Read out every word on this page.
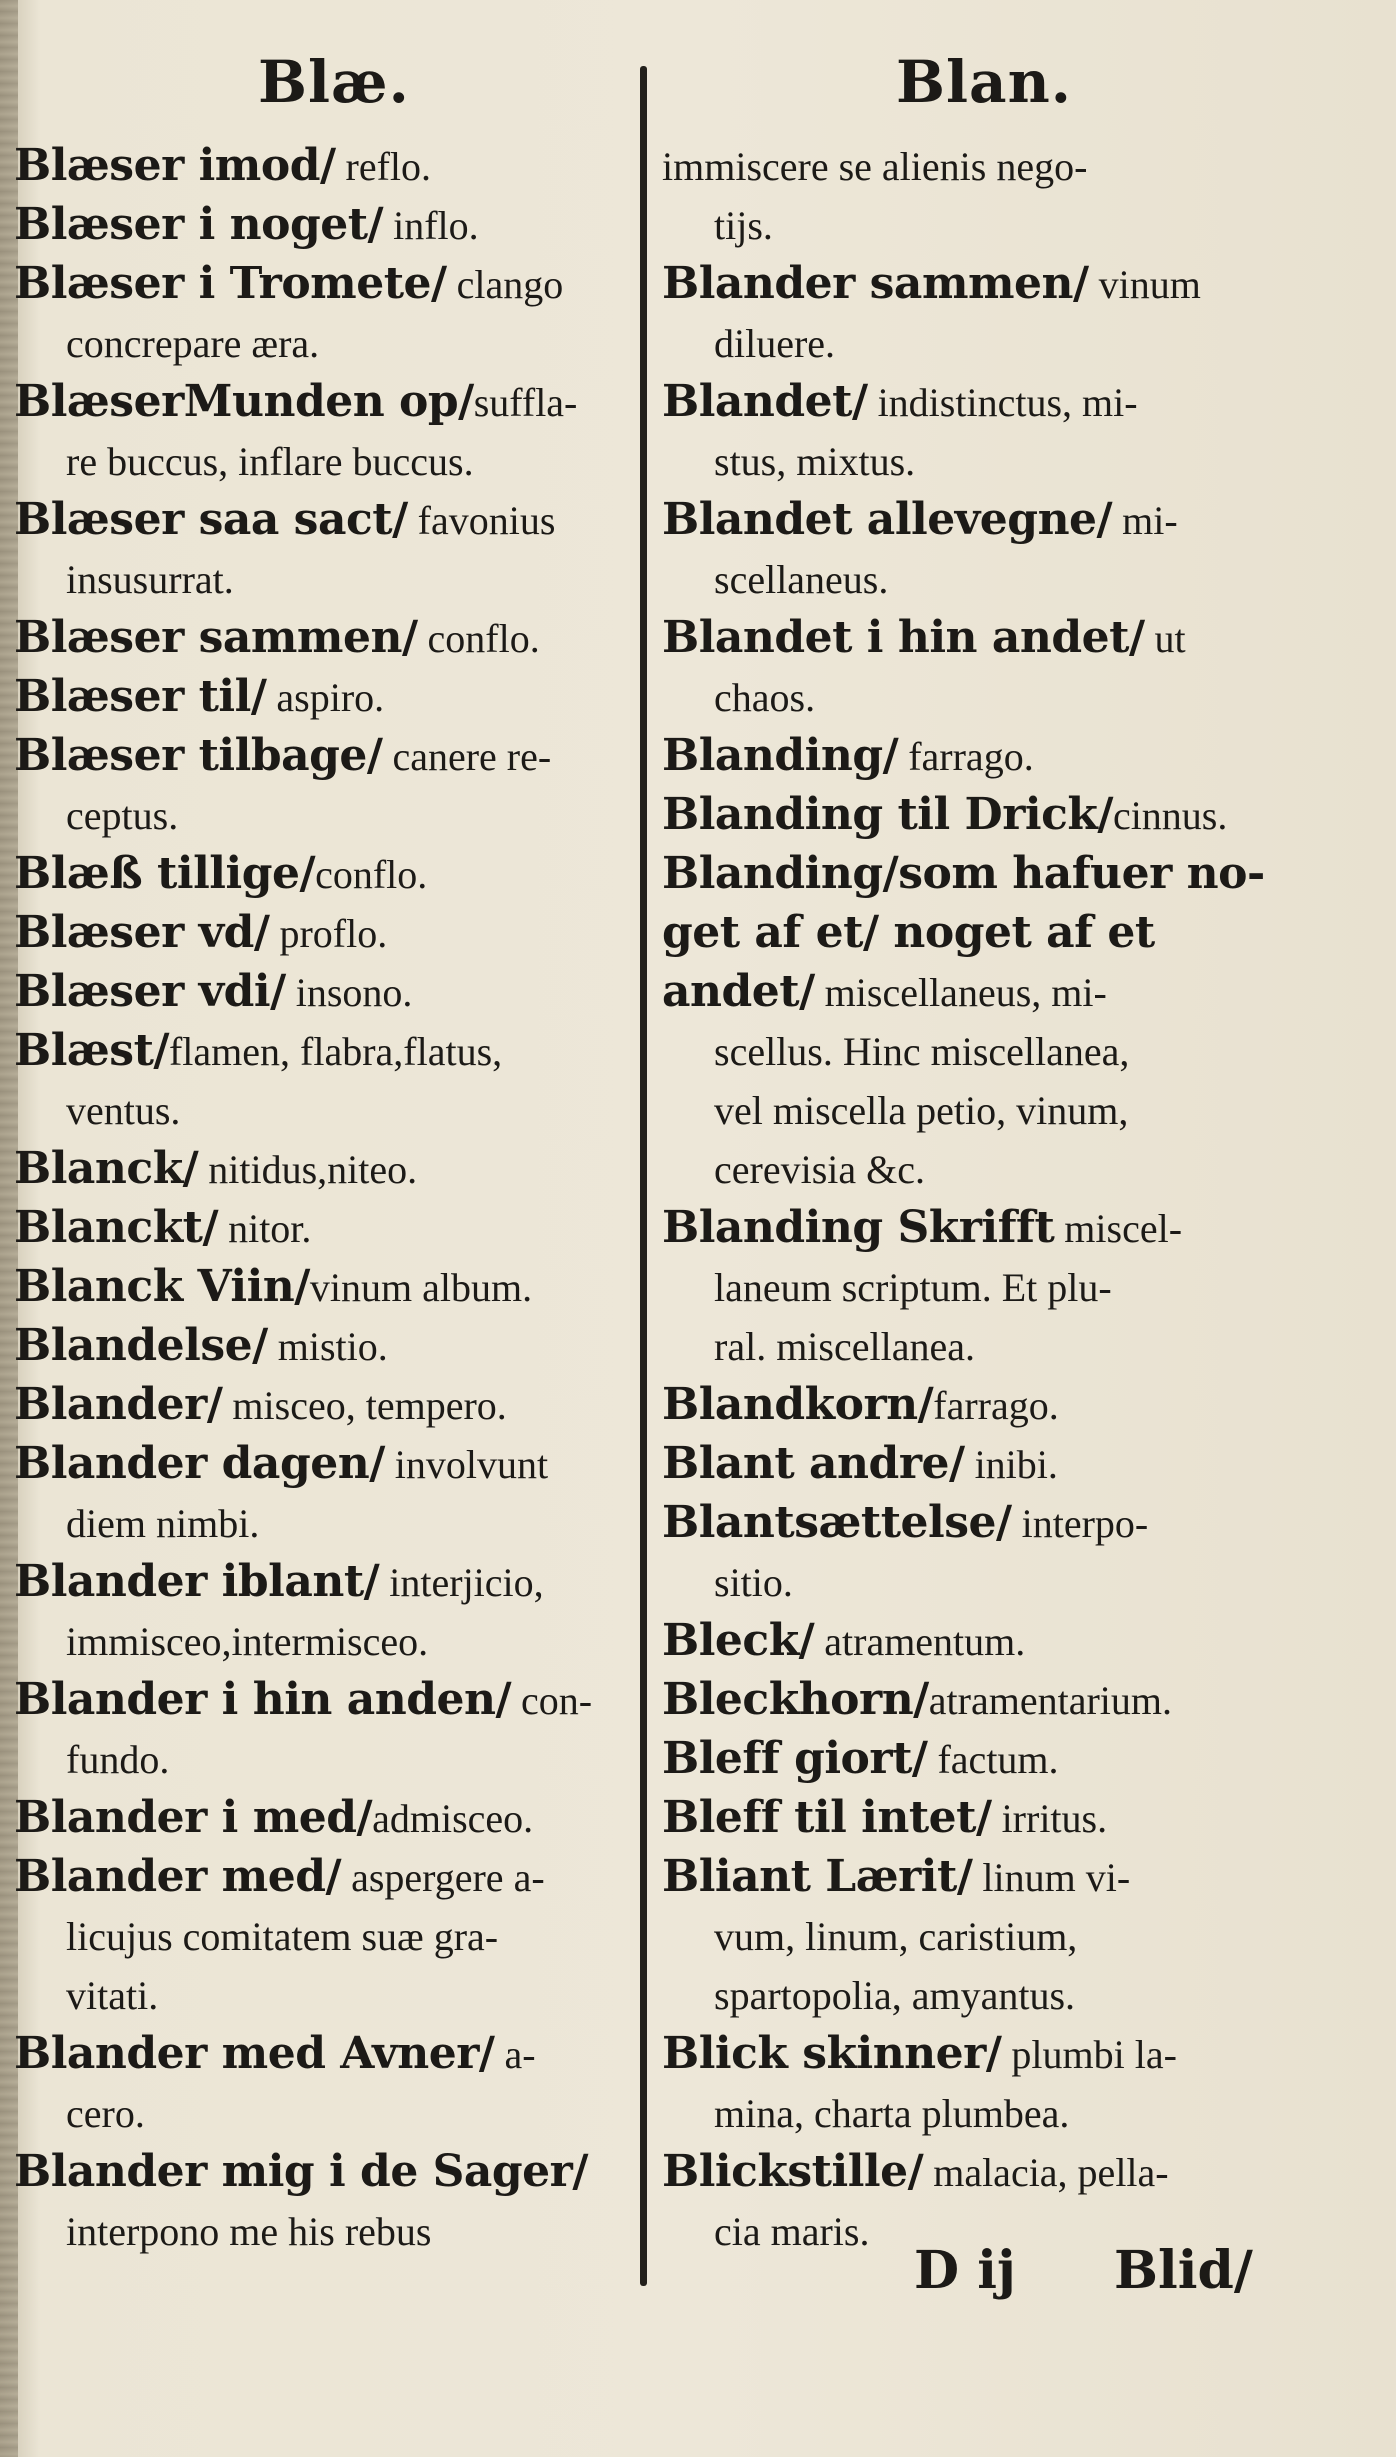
Blæ.	Blan.
Blæser imod/ reflo.
Blæser i noget/ inflo.
Blæser i Tromete/ clango
concrepare æra.
BlæserMunden op/suffla-
re buccus, inflare buccus.
Blæser saa sact/ favonius
insusurrat.
Blæser sammen/ conflo.
Blæser til/ aspiro.
Blæser tilbage/ canere re-
ceptus.
Blæß tillige/conflo.
Blæser vd/ proflo.
Blæser vdi/ insono.
Blæst/flamen, flabra,flatus,
ventus.
Blanck/ nitidus,niteo.
Blanckt/ nitor.
Blanck Viin/vinum album.
Blandelse/ mistio.
Blander/ misceo, tempero.
Blander dagen/ involvunt
diem nimbi.
Blander iblant/ interjicio,
immisceo,intermisceo.
Blander i hin anden/ con-
fundo.
Blander i med/admisceo.
Blander med/ aspergere a-
licujus comitatem suæ gra-
vitati.
Blander med Avner/ a-
cero.
Blander mig i de Sager/
interpono me his rebus
immiscere se alienis nego-
tijs.
Blander sammen/ vinum
diluere.
Blandet/ indistinctus, mi-
stus, mixtus.
Blandet allevegne/ mi-
scellaneus.
Blandet i hin andet/ ut
chaos.
Blanding/ farrago.
Blanding til Drick/cinnus.
Blanding/som hafuer no-
get af et/ noget af et
andet/ miscellaneus, mi-
scellus. Hinc miscellanea,
vel miscella petio, vinum,
cerevisia &c.
Blanding Skrifft miscel-
laneum scriptum. Et plu-
ral. miscellanea.
Blandkorn/farrago.
Blant andre/ inibi.
Blantsættelse/ interpo-
sitio.
Bleck/ atramentum.
Bleckhorn/atramentarium.
Bleff giort/ factum.
Bleff til intet/ irritus.
Bliant Lærit/ linum vi-
vum, linum, caristium,
spartopolia, amyantus.
Blick skinner/ plumbi la-
mina, charta plumbea.
Blickstille/ malacia, pella-
cia maris.
D ij Blid/
